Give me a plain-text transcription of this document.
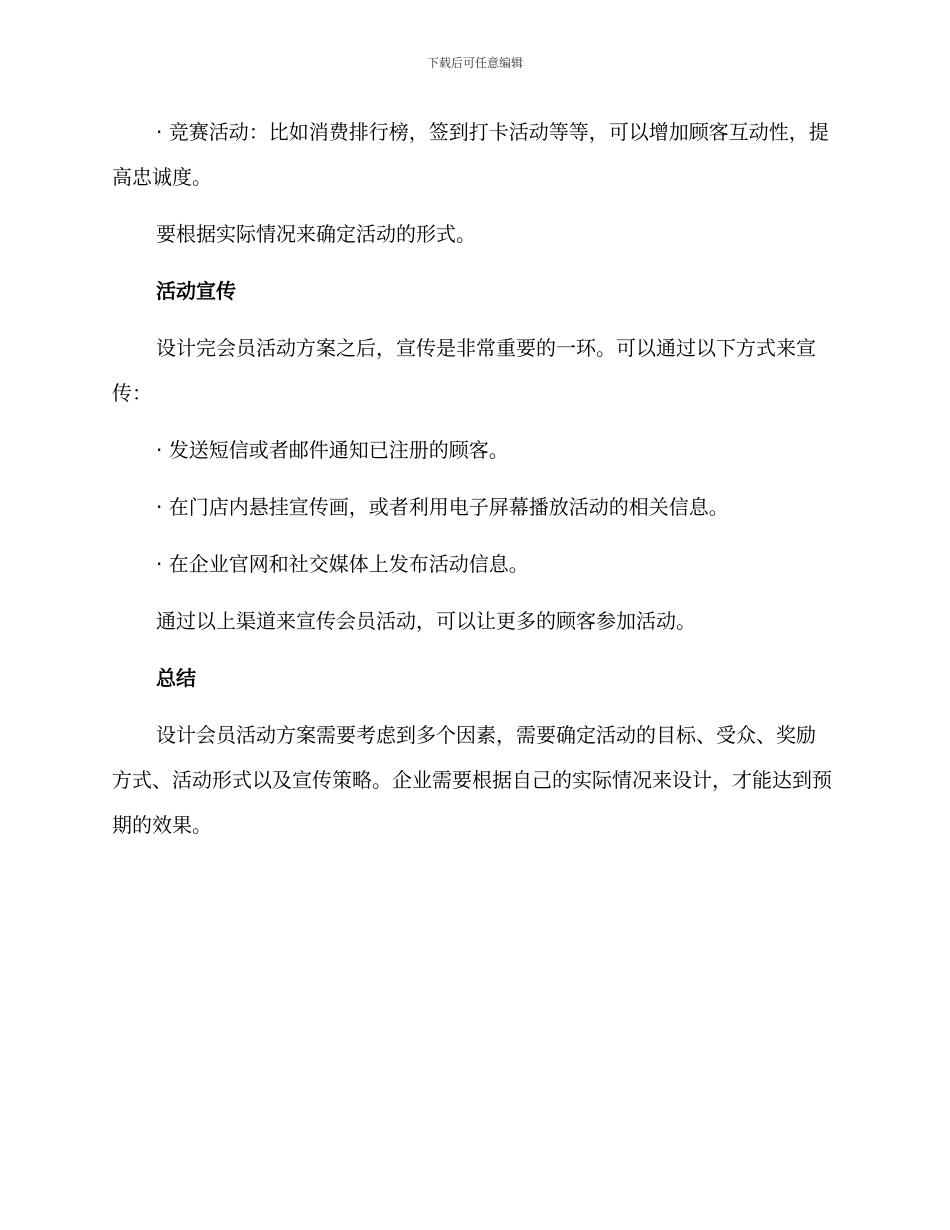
下载后可任意编辑

· 竞赛活动：比如消费排行榜，签到打卡活动等等，可以增加顾客互动性，提高忠诚度。

要根据实际情况来确定活动的形式。

活动宣传

设计完会员活动方案之后，宣传是非常重要的一环。可以通过以下方式来宣传：

· 发送短信或者邮件通知已注册的顾客。

· 在门店内悬挂宣传画，或者利用电子屏幕播放活动的相关信息。

· 在企业官网和社交媒体上发布活动信息。

通过以上渠道来宣传会员活动，可以让更多的顾客参加活动。

总结

设计会员活动方案需要考虑到多个因素，需要确定活动的目标、受众、奖励方式、活动形式以及宣传策略。企业需要根据自己的实际情况来设计，才能达到预期的效果。
